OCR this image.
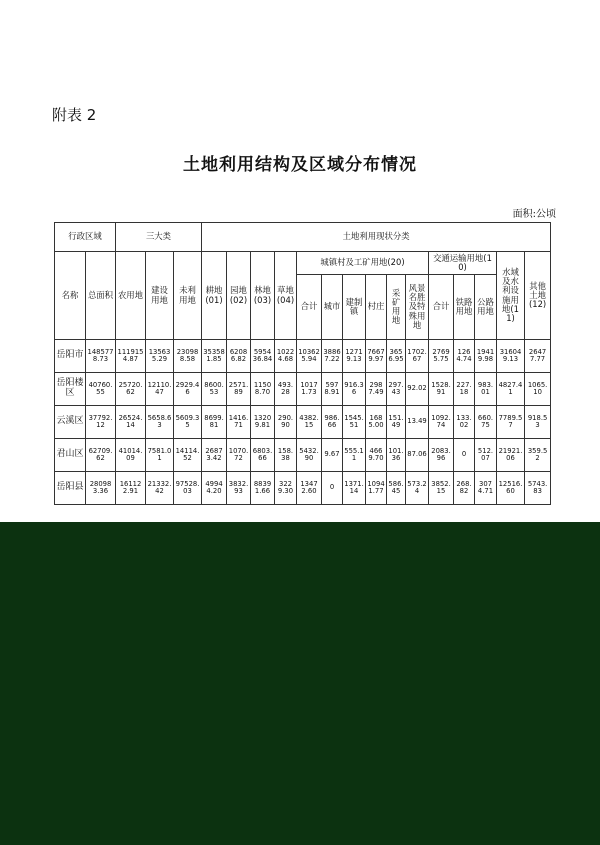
附表 2
土地利用结构及区域分布情况
面积:公顷
行政区域		三大类			土地利用现状分类														
名称	总面积	农用地	建设用地	未利用地	耕地(01)	园地(02)	林地(03)	草地(04)	城镇村及工矿用地(20)						交通运输用地(10)			水域及水利设施用地(11)	其他土地(12)
									合计	城市	建制镇	村庄	采矿用地	风景名胜及特殊用地	合计	铁路用地	公路用地		
岳阳市	1485778.73	1119154.87	135635.29	230988.58	353581.85	62086.82	595436.84	10224.68	103625.94	38867.22	12719.13	76679.97	3656.95	1702.67	27695.75	1264.74	19419.98	316049.13	26477.77
岳阳楼区	40760.55	25720.62	12110.47	2929.46	8600.53	2571.89	11508.70	493.28	10171.73	5978.91	916.36	2987.49	297.43	92.02	1528.91	227.18	983.01	4827.41	1065.10
云溪区	37792.12	26524.14	5658.63	5609.35	8699.81	1416.71	13209.81	290.90	4382.15	986.66	1545.51	1685.00	151.49	13.49	1092.74	133.02	660.75	7789.57	918.53
君山区	62709.62	41014.09	7581.01	14114.52	26873.42	1070.72	6803.66	158.38	5432.90	9.67	555.11	4669.70	101.36	87.06	2083.96	0	512.07	21921.06	359.52
岳阳县	280983.36	161122.91	21332.42	97528.03	49944.20	3832.93	88391.66	3229.30	13472.60	0	1371.14	10941.77	586.45	573.24	3852.15	268.82	3074.71	12516.60	5743.83
